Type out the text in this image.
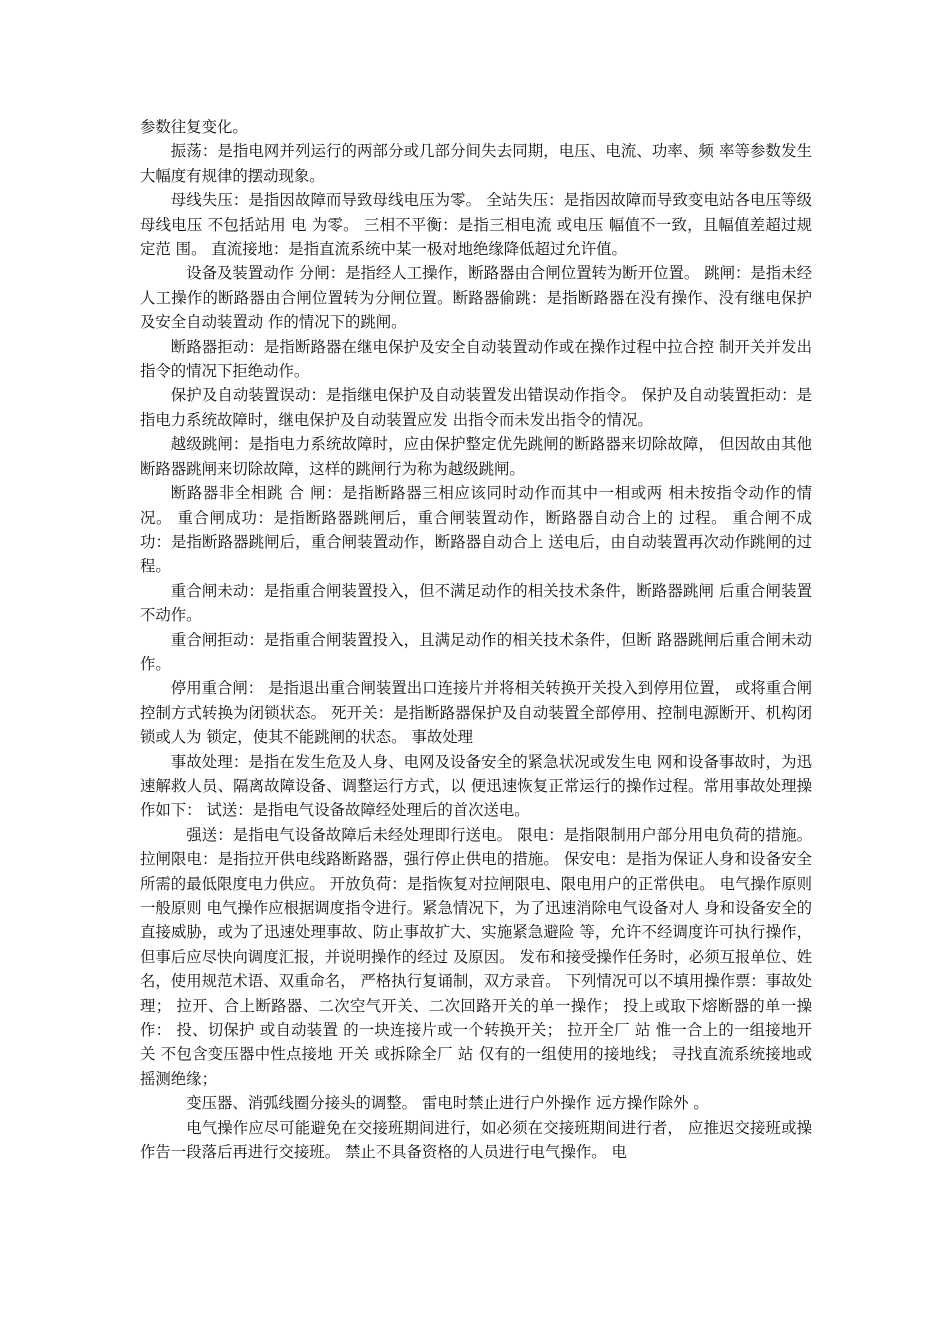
参数往复变化。

振荡：是指电网并列运行的两部分或几部分间失去同期，电压、电流、功率、频 率等参数发生大幅度有规律的摆动现象。

母线失压：是指因故障而导致母线电压为零。 全站失压：是指因故障而导致变电站各电压等级母线电压 不包括站用 电 为零。 三相不平衡：是指三相电流 或电压 幅值不一致，且幅值差超过规定范 围。 直流接地：是指直流系统中某一极对地绝缘降低超过允许值。

设备及装置动作 分闸：是指经人工操作，断路器由合闸位置转为断开位置。 跳闸：是指未经人工操作的断路器由合闸位置转为分闸位置。断路器偷跳：是指断路器在没有操作、没有继电保护及安全自动装置动 作的情况下的跳闸。

断路器拒动：是指断路器在继电保护及安全自动装置动作或在操作过程中拉合控 制开关并发出指令的情况下拒绝动作。

保护及自动装置误动：是指继电保护及自动装置发出错误动作指令。 保护及自动装置拒动：是指电力系统故障时，继电保护及自动装置应发 出指令而未发出指令的情况。

越级跳闸：是指电力系统故障时，应由保护整定优先跳闸的断路器来切除故障， 但因故由其他断路器跳闸来切除故障，这样的跳闸行为称为越级跳闸。

断路器非全相跳 合 闸：是指断路器三相应该同时动作而其中一相或两 相未按指令动作的情况。 重合闸成功：是指断路器跳闸后，重合闸装置动作，断路器自动合上的 过程。 重合闸不成功：是指断路器跳闸后，重合闸装置动作，断路器自动合上 送电后，由自动装置再次动作跳闸的过程。

重合闸未动：是指重合闸装置投入，但不满足动作的相关技术条件，断路器跳闸 后重合闸装置不动作。

重合闸拒动：是指重合闸装置投入，且满足动作的相关技术条件，但断 路器跳闸后重合闸未动作。

停用重合闸： 是指退出重合闸装置出口连接片并将相关转换开关投入到停用位置， 或将重合闸控制方式转换为闭锁状态。 死开关：是指断路器保护及自动装置全部停用、控制电源断开、机构闭锁或人为 锁定，使其不能跳闸的状态。 事故处理

事故处理：是指在发生危及人身、电网及设备安全的紧急状况或发生电 网和设备事故时，为迅速解救人员、隔离故障设备、调整运行方式，以 便迅速恢复正常运行的操作过程。常用事故处理操作如下： 试送：是指电气设备故障经处理后的首次送电。

强送：是指电气设备故障后未经处理即行送电。 限电：是指限制用户部分用电负荷的措施。 拉闸限电：是指拉开供电线路断路器，强行停止供电的措施。 保安电：是指为保证人身和设备安全所需的最低限度电力供应。 开放负荷：是指恢复对拉闸限电、限电用户的正常供电。 电气操作原则 一般原则 电气操作应根据调度指令进行。紧急情况下，为了迅速消除电气设备对人 身和设备安全的直接威胁，或为了迅速处理事故、防止事故扩大、实施紧急避险 等，允许不经调度许可执行操作，但事后应尽快向调度汇报，并说明操作的经过 及原因。 发布和接受操作任务时，必须互报单位、姓名，使用规范术语、双重命名， 严格执行复诵制，双方录音。 下列情况可以不填用操作票：事故处理； 拉开、合上断路器、二次空气开关、二次回路开关的单一操作； 投上或取下熔断器的单一操作： 投、切保护 或自动装置 的一块连接片或一个转换开关； 拉开全厂 站 惟一合上的一组接地开关 不包含变压器中性点接地 开关 或拆除全厂 站 仅有的一组使用的接地线； 寻找直流系统接地或摇测绝缘；

变压器、消弧线圈分接头的调整。 雷电时禁止进行户外操作 远方操作除外 。

电气操作应尽可能避免在交接班期间进行，如必须在交接班期间进行者， 应推迟交接班或操作告一段落后再进行交接班。 禁止不具备资格的人员进行电气操作。 电
